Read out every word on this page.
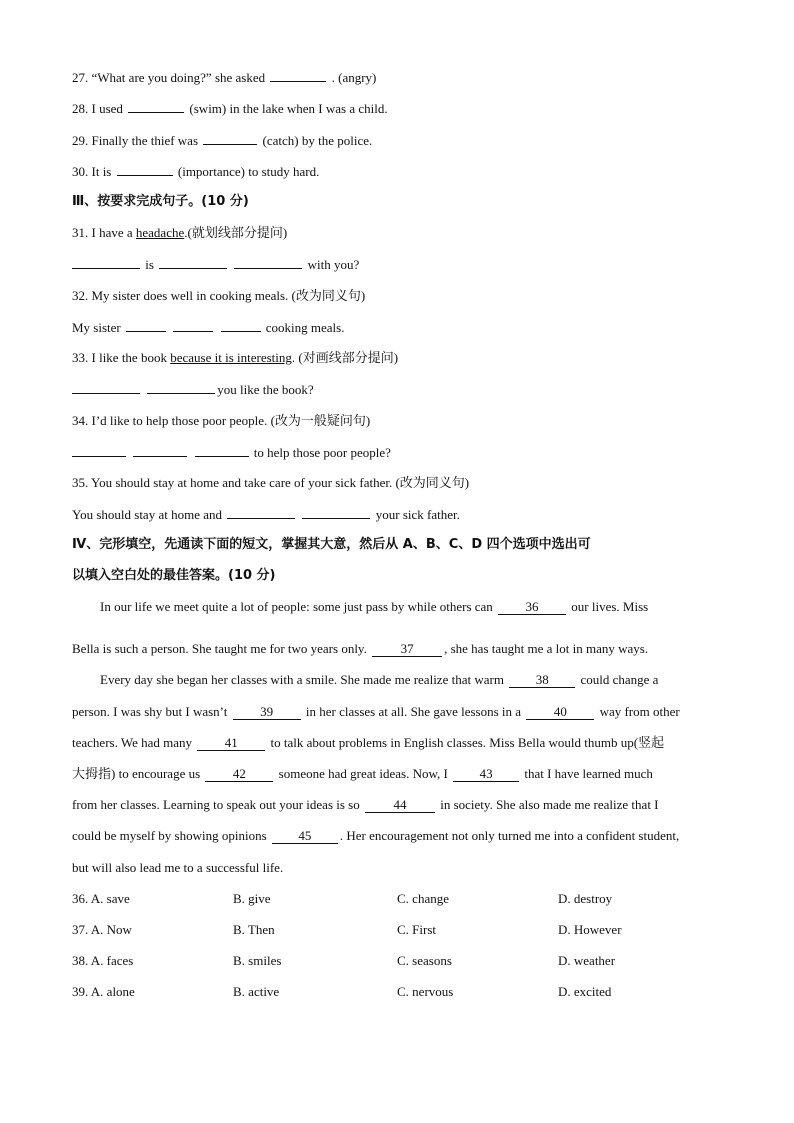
27. “What are you doing?” she asked	. (angry)
28. I used	(swim) in the lake when I was a child.
29. Finally the thief was	(catch) by the police.
30. It is	(importance) to study hard.
Ⅲ、按要求完成句子。(10 分)
31. I have a headache.(就划线部分提问)
is	with you?
32. My sister does well in cooking meals. (改为同义句)
My sister	cooking meals.
33. I like the book because it is interesting. (对画线部分提问)
you like the book?
34. I’d like to help those poor people. (改为一般疑问句)
to help those poor people?
35. You should stay at home and take care of your sick father. (改为同义句)
You should stay at home and	your sick father.
Ⅳ、完形填空，先通读下面的短文，掌握其大意，然后从 A、B、C、D 四个选项中选出可
以填入空白处的最佳答案。(10 分)
In our life we meet quite a lot of people: some just pass by while others can 36 our lives. Miss
Bella is such a person. She taught me for two years only. 37 , she has taught me a lot in many ways.
Every day she began her classes with a smile. She made me realize that warm 38 could change a
person. I was shy but I wasn’t 39 in her classes at all. She gave lessons in a 40 way from other
teachers. We had many 41 to talk about problems in English classes. Miss Bella would thumb up(竖起
大拇指) to encourage us 42 someone had great ideas. Now, I 43 that I have learned much
from her classes. Learning to speak out your ideas is so 44 in society. She also made me realize that I
could be myself by showing opinions 45 . Her encouragement not only turned me into a confident student,
but will also lead me to a successful life.
36. A. save	B. give	C. change	D. destroy
37. A. Now	B. Then	C. First	D. However
38. A. faces	B. smiles	C. seasons	D. weather
39. A. alone	B. active	C. nervous	D. excited
